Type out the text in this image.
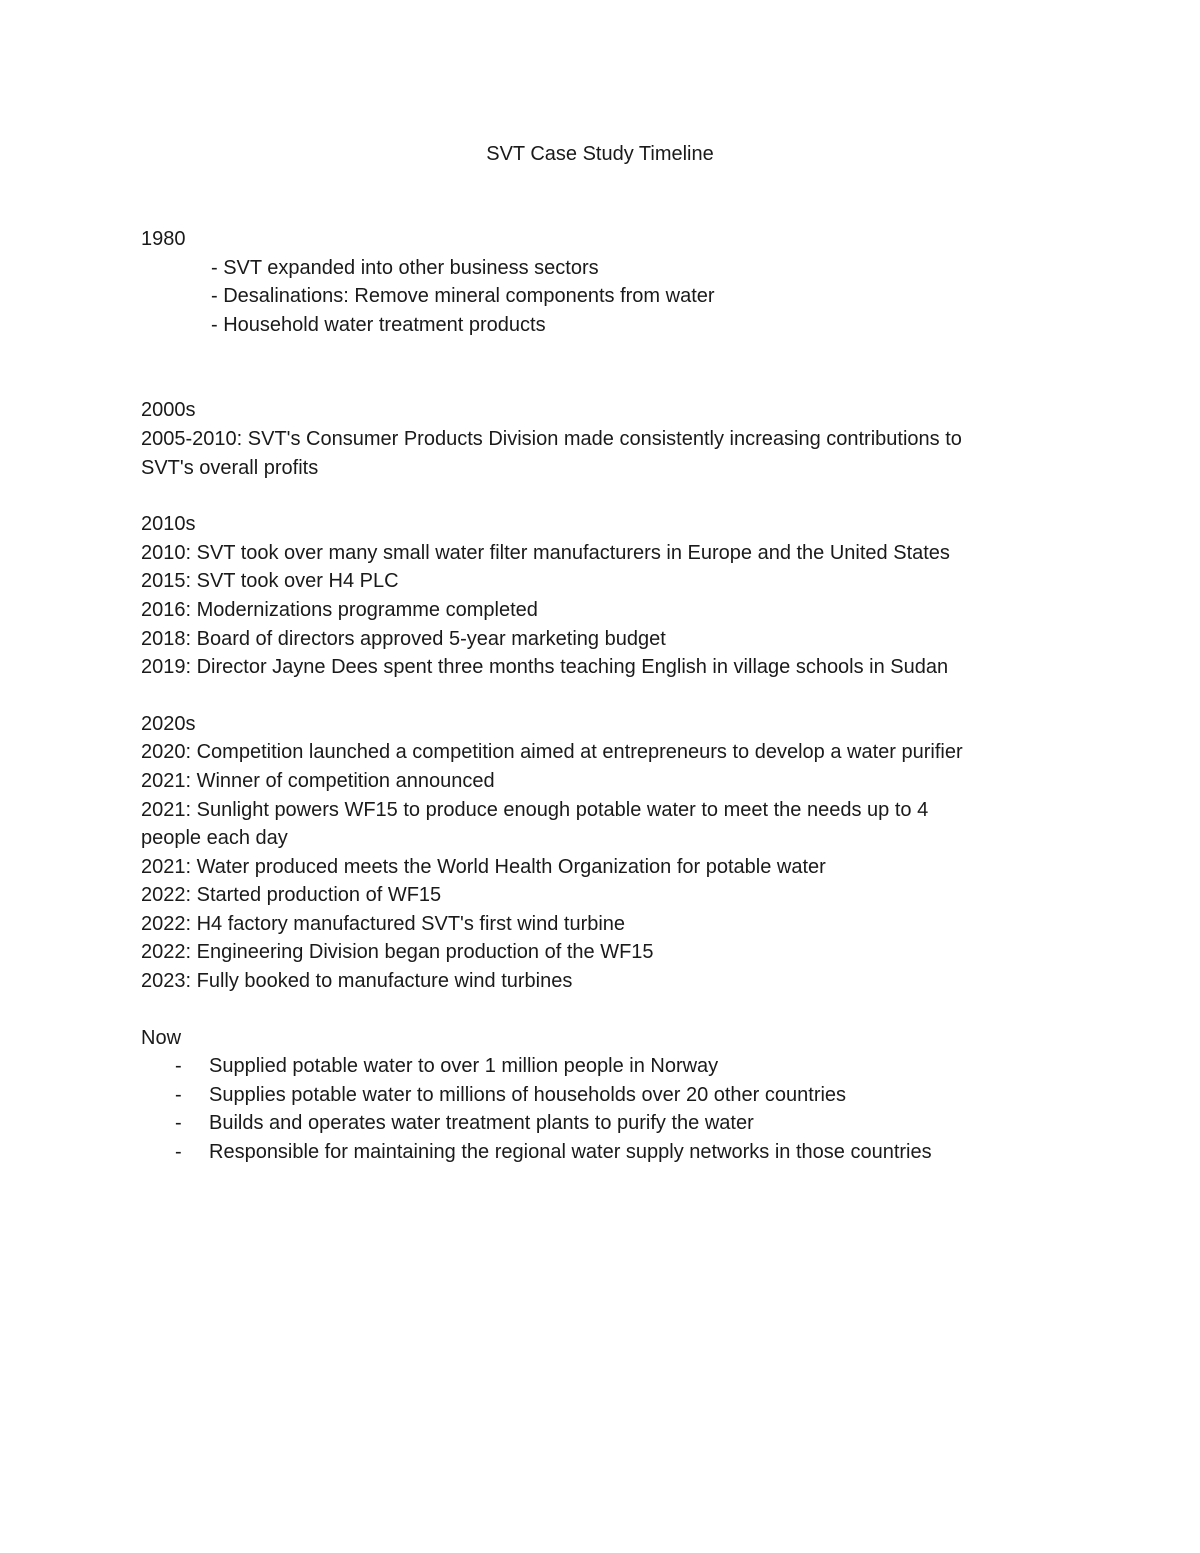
SVT Case Study Timeline
1980
- SVT expanded into other business sectors
- Desalinations: Remove mineral components from water
- Household water treatment products
2000s
2005-2010: SVT's Consumer Products Division made consistently increasing contributions to
SVT's overall profits
2010s
2010: SVT took over many small water filter manufacturers in Europe and the United States
2015: SVT took over H4 PLC
2016: Modernizations programme completed
2018: Board of directors approved 5-year marketing budget
2019: Director Jayne Dees spent three months teaching English in village schools in Sudan
2020s
2020: Competition launched a competition aimed at entrepreneurs to develop a water purifier
2021: Winner of competition announced
2021: Sunlight powers WF15 to produce enough potable water to meet the needs up to 4
people each day
2021: Water produced meets the World Health Organization for potable water
2022: Started production of WF15
2022: H4 factory manufactured SVT's first wind turbine
2022: Engineering Division began production of the WF15
2023: Fully booked to manufacture wind turbines
Now
-	Supplied potable water to over 1 million people in Norway
-	Supplies potable water to millions of households over 20 other countries
-	Builds and operates water treatment plants to purify the water
-	Responsible for maintaining the regional water supply networks in those countries
